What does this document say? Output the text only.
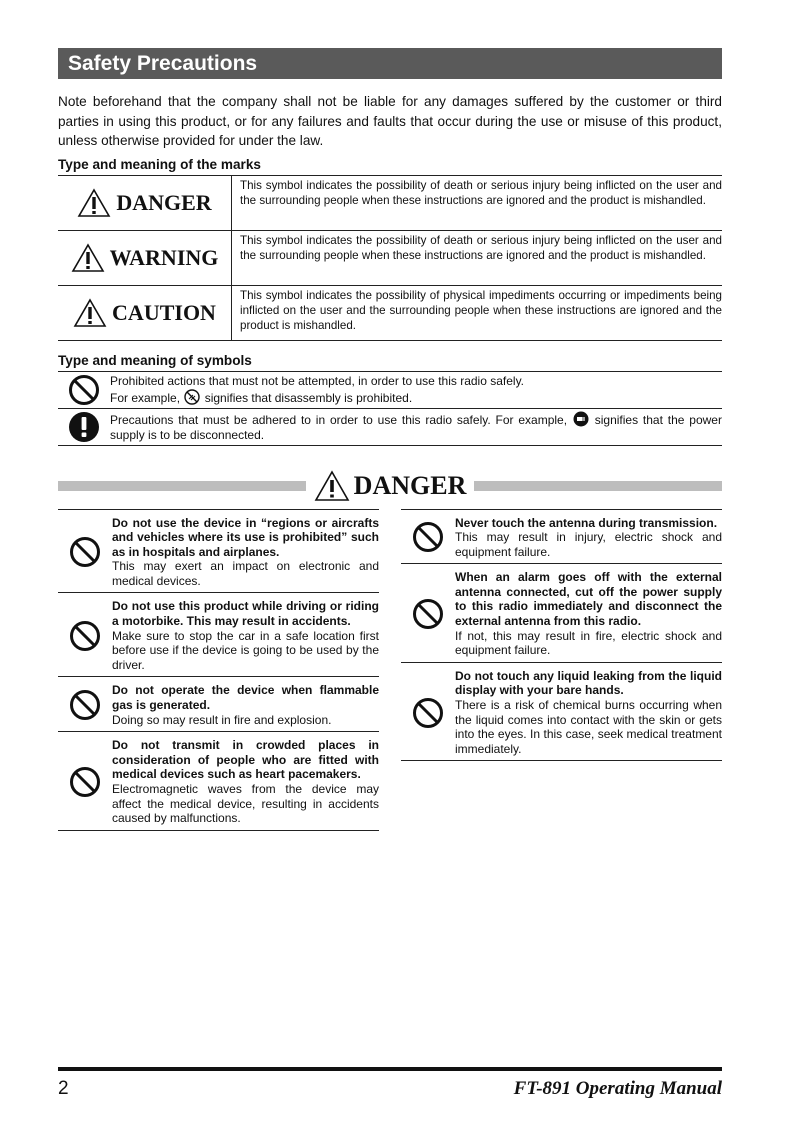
Safety Precautions
Note beforehand that the company shall not be liable for any damages suffered by the customer or third parties in using this product, or for any failures and faults that occur during the use or misuse of this product, unless otherwise provided for under the law.
Type and meaning of the marks
DANGER
This symbol indicates the possibility of death or serious injury being inflicted on the user and the surrounding people when these instructions are ignored and the product is mishandled.
WARNING
This symbol indicates the possibility of death or serious injury being inflicted on the user and the surrounding people when these instructions are ignored and the product is mishandled.
CAUTION
This symbol indicates the possibility of physical impediments occurring or impediments being inflicted on the user and the surrounding people when these instructions are ignored and the product is mishandled.
Type and meaning of symbols
Prohibited actions that must not be attempted, in order to use this radio safely.
For example, signifies that disassembly is prohibited.
Precautions that must be adhered to in order to use this radio safely. For example, signifies that the power supply is to be disconnected.
DANGER
Do not use the device in “regions or aircrafts and vehicles where its use is prohibited” such as in hospitals and airplanes.
This may exert an impact on electronic and medical devices.
Do not use this product while driving or riding a motorbike. This may result in accidents.
Make sure to stop the car in a safe location first before use if the device is going to be used by the driver.
Do not operate the device when flammable gas is generated.
Doing so may result in fire and explosion.
Do not transmit in crowded places in consideration of people who are fitted with medical devices such as heart pacemakers.
Electromagnetic waves from the device may affect the medical device, resulting in accidents caused by malfunctions.
Never touch the antenna during transmission.
This may result in injury, electric shock and equipment failure.
When an alarm goes off with the external antenna connected, cut off the power supply to this radio immediately and disconnect the external antenna from this radio.
If not, this may result in fire, electric shock and equipment failure.
Do not touch any liquid leaking from the liquid display with your bare hands.
There is a risk of chemical burns occurring when the liquid comes into contact with the skin or gets into the eyes. In this case, seek medical treatment immediately.
2	FT-891 Operating Manual
